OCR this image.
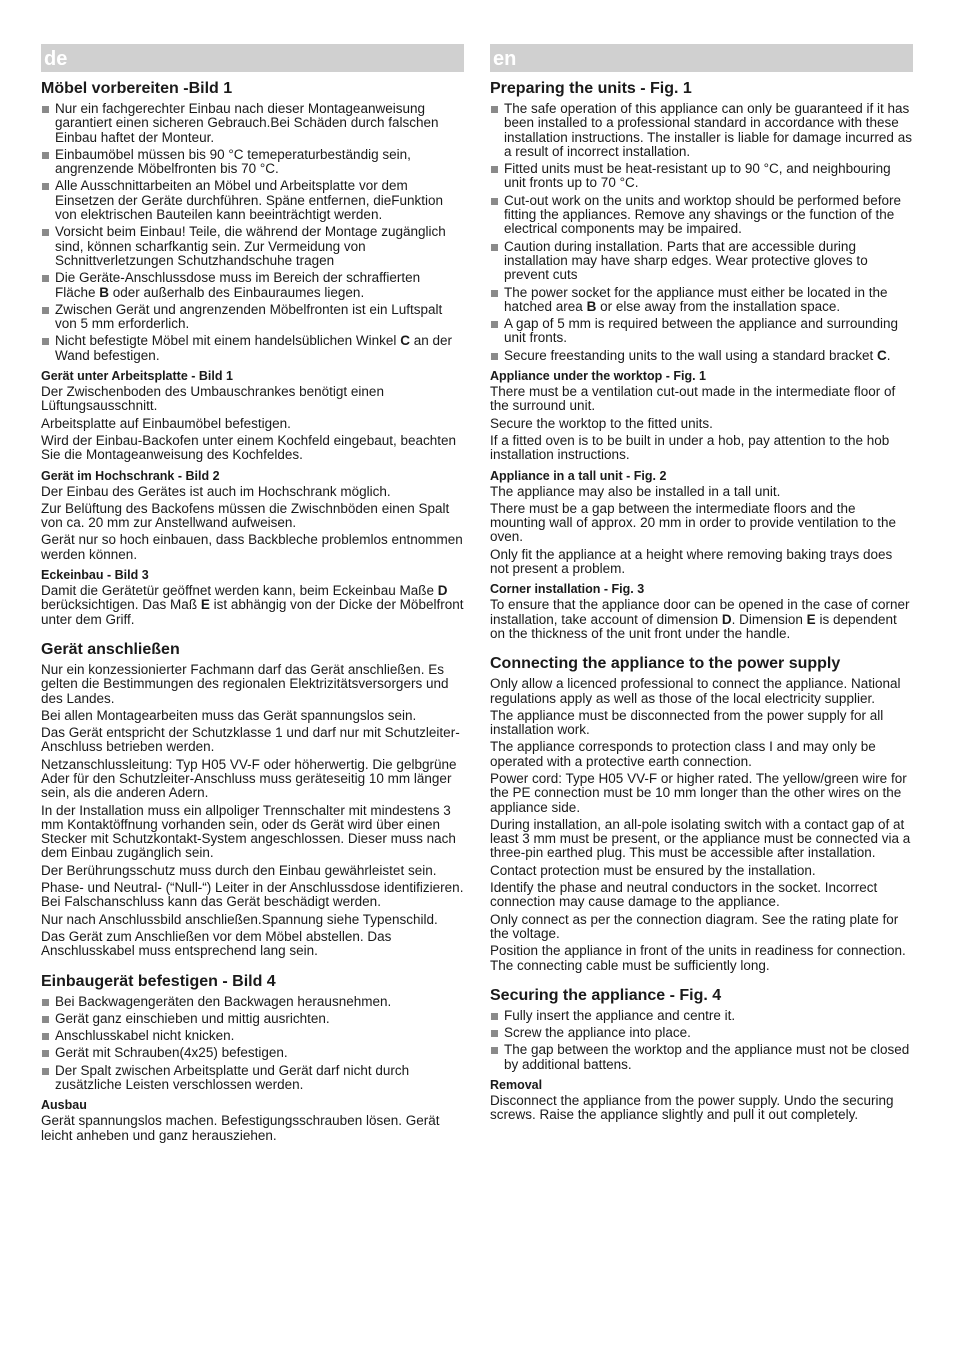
de
Möbel vorbereiten -Bild 1
Nur ein fachgerechter Einbau nach dieser Montageanweisung garantiert einen sicheren Gebrauch.Bei Schäden durch falschen Einbau haftet der Monteur.
Einbaumöbel müssen bis 90 °C temeperaturbeständig sein, angrenzende Möbelfronten bis 70 °C.
Alle Ausschnittarbeiten an Möbel und Arbeitsplatte vor dem Einsetzen der Geräte durchführen. Späne entfernen, dieFunktion von elektrischen Bauteilen kann beeinträchtigt werden.
Vorsicht beim Einbau! Teile, die während der Montage zugänglich sind, können scharfkantig sein. Zur Vermeidung von Schnittverletzungen Schutzhandschuhe tragen
Die Geräte-Anschlussdose muss im Bereich der schraffierten Fläche B oder außerhalb des Einbauraumes liegen.
Zwischen Gerät und angrenzenden Möbelfronten ist ein Luftspalt von 5 mm erforderlich.
Nicht befestigte Möbel mit einem handelsüblichen Winkel C an der Wand befestigen.
Gerät unter Arbeitsplatte - Bild 1

Der Zwischenboden des Umbauschrankes benötigt einen Lüftungsausschnitt.

Arbeitsplatte auf Einbaumöbel befestigen.

Wird der Einbau-Backofen unter einem Kochfeld eingebaut, beachten Sie die Montageanweisung des Kochfeldes.

Gerät im Hochschrank - Bild 2

Der Einbau des Gerätes ist auch im Hochschrank möglich.

Zur Belüftung des Backofens müssen die Zwischnböden einen Spalt von ca. 20 mm zur Anstellwand aufweisen.

Gerät nur so hoch einbauen, dass Backbleche problemlos entnommen werden können.

Eckeinbau - Bild 3

Damit die Gerätetür geöffnet werden kann, beim Eckeinbau Maße D berücksichtigen. Das Maß E ist abhängig von der Dicke der Möbelfront unter dem Griff.

Gerät anschließen

Nur ein konzessionierter Fachmann darf das Gerät anschließen. Es gelten die Bestimmungen des regionalen Elektrizitätsversorgers und des Landes.

Bei allen Montagearbeiten muss das Gerät spannungslos sein.

Das Gerät entspricht der Schutzklasse 1 und darf nur mit Schutzleiter-Anschluss betrieben werden.

Netzanschlussleitung: Typ H05 VV-F oder höherwertig. Die gelbgrüne Ader für den Schutzleiter-Anschluss muss geräteseitig 10 mm länger sein, als die anderen Adern.

In der Installation muss ein allpoliger Trennschalter mit mindestens 3 mm Kontaktöffnung vorhanden sein, oder ds Gerät wird über einen Stecker mit Schutzkontakt-System angeschlossen. Dieser muss nach dem Einbau zugänglich sein.

Der Berührungsschutz muss durch den Einbau gewährleistet sein.

Phase- und Neutral- (“Null-“) Leiter in der Anschlussdose identifizieren. Bei Falschanschluss kann das Gerät beschädigt werden.

Nur nach Anschlussbild anschließen.Spannung siehe Typenschild.

Das Gerät zum Anschließen vor dem Möbel abstellen. Das Anschlusskabel muss entsprechend lang sein.

Einbaugerät befestigen - Bild 4
Bei Backwagengeräten den Backwagen herausnehmen.
Gerät ganz einschieben und mittig ausrichten.
Anschlusskabel nicht knicken.
Gerät mit Schrauben(4x25) befestigen.
Der Spalt zwischen Arbeitsplatte und Gerät darf nicht durch zusätzliche Leisten verschlossen werden.
Ausbau

Gerät spannungslos machen. Befestigungsschrauben lösen. Gerät leicht anheben und ganz herausziehen.

en
Preparing the units - Fig. 1
The safe operation of this appliance can only be guaranteed if it has been installed to a professional standard in accordance with these installation instructions. The installer is liable for damage incurred as a result of incorrect installation.
Fitted units must be heat-resistant up to 90 °C, and neighbouring unit fronts up to 70 °C.
Cut-out work on the units and worktop should be performed before fitting the appliances. Remove any shavings or the function of the electrical components may be impaired.
Caution during installation. Parts that are accessible during installation may have sharp edges. Wear protective gloves to prevent cuts
The power socket for the appliance must either be located in the hatched area B or else away from the installation space.
A gap of 5 mm is required between the appliance and surrounding unit fronts.
Secure freestanding units to the wall using a standard bracket C.
Appliance under the worktop - Fig. 1

There must be a ventilation cut-out made in the intermediate floor of the surround unit.

Secure the worktop to the fitted units.

If a fitted oven is to be built in under a hob, pay attention to the hob installation instructions.

Appliance in a tall unit - Fig. 2

The appliance may also be installed in a tall unit.

There must be a gap between the intermediate floors and the mounting wall of approx. 20 mm in order to provide ventilation to the oven.

Only fit the appliance at a height where removing baking trays does not present a problem.

Corner installation - Fig. 3

To ensure that the appliance door can be opened in the case of corner installation, take account of dimension D. Dimension E is dependent on the thickness of the unit front under the handle.

Connecting the appliance to the power supply

Only allow a licenced professional to connect the appliance. National regulations apply as well as those of the local electricity supplier.

The appliance must be disconnected from the power supply for all installation work.

The appliance corresponds to protection class I and may only be operated with a protective earth connection.

Power cord: Type H05 VV-F or higher rated. The yellow/green wire for the PE connection must be 10 mm longer than the other wires on the appliance side.

During installation, an all-pole isolating switch with a contact gap of at least 3 mm must be present, or the appliance must be connected via a three-pin earthed plug. This must be accessible after installation.

Contact protection must be ensured by the installation.

Identify the phase and neutral conductors in the socket. Incorrect connection may cause damage to the appliance.

Only connect as per the connection diagram. See the rating plate for the voltage.

Position the appliance in front of the units in readiness for connection. The connecting cable must be sufficiently long.

Securing the appliance - Fig. 4
Fully insert the appliance and centre it.
Screw the appliance into place.
The gap between the worktop and the appliance must not be closed by additional battens.
Removal

Disconnect the appliance from the power supply. Undo the securing screws. Raise the appliance slightly and pull it out completely.
